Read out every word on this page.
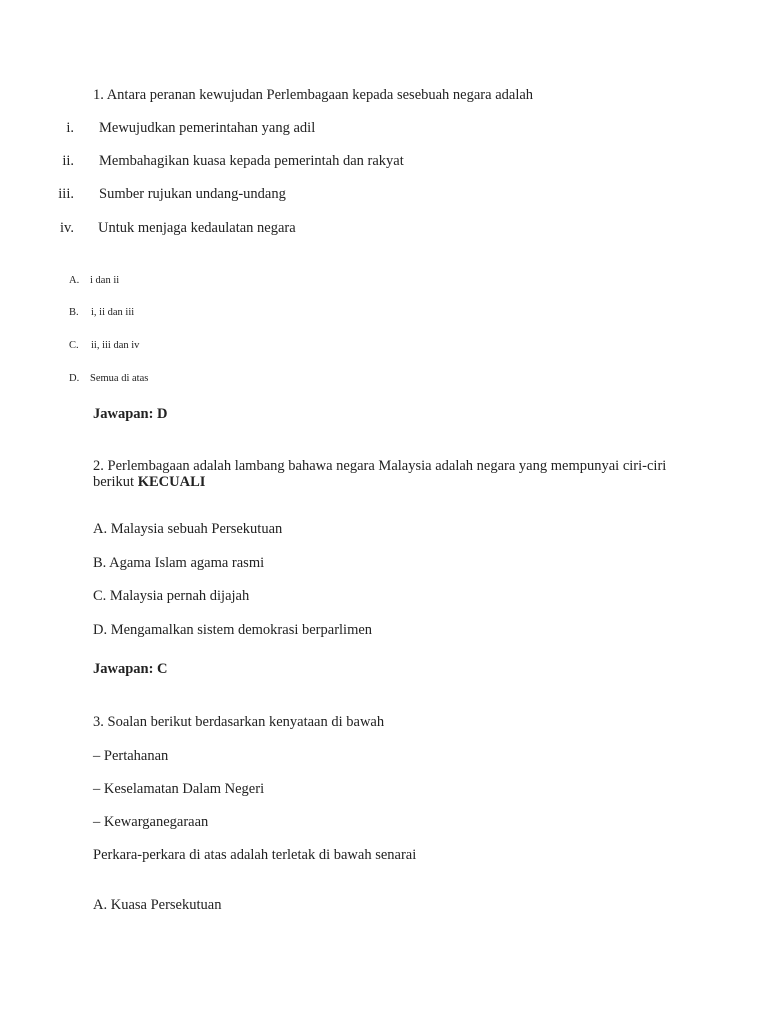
1. Antara peranan kewujudan Perlembagaan kepada sesebuah negara adalah
i. Mewujudkan pemerintahan yang adil
ii. Membahagikan kuasa kepada pemerintah dan rakyat
iii. Sumber rujukan undang-undang
iv. Untuk menjaga kedaulatan negara
A. i dan ii
B. i, ii dan iii
C. ii, iii dan iv
D. Semua di atas
Jawapan: D
2. Perlembagaan adalah lambang bahawa negara Malaysia adalah negara yang mempunyai ciri-ciri berikut KECUALI
A. Malaysia sebuah Persekutuan
B. Agama Islam agama rasmi
C. Malaysia pernah dijajah
D. Mengamalkan sistem demokrasi berparlimen
Jawapan: C
3. Soalan berikut berdasarkan kenyataan di bawah
– Pertahanan
– Keselamatan Dalam Negeri
– Kewarganegaraan
Perkara-perkara di atas adalah terletak di bawah senarai
A. Kuasa Persekutuan
